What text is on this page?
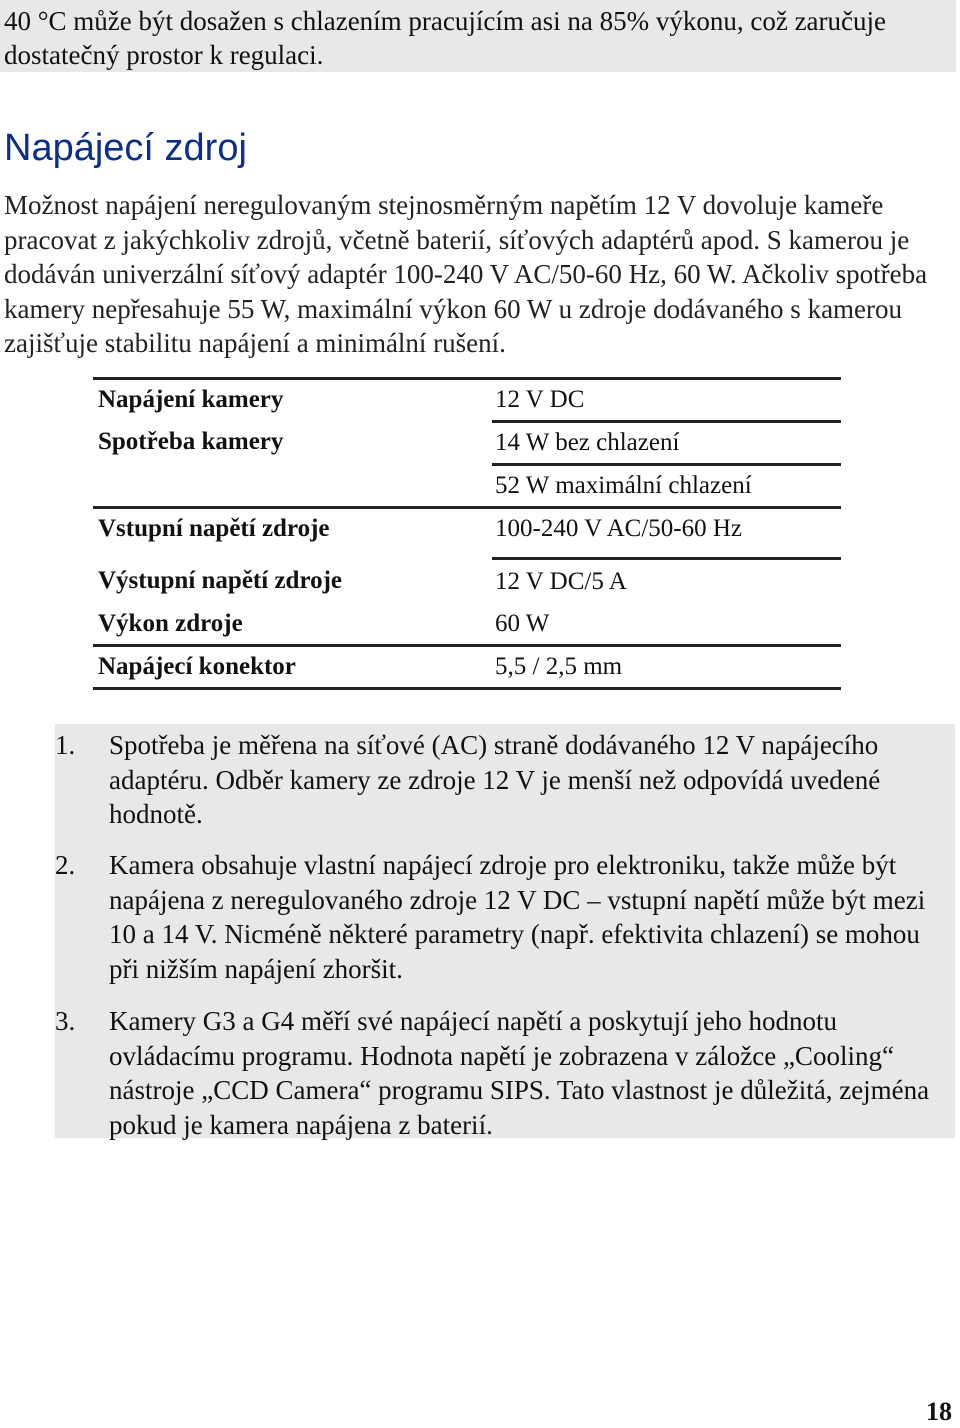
40 °C může být dosažen s chlazením pracujícím asi na 85% výkonu, což zaručuje dostatečný prostor k regulaci.

Napájecí zdroj

Možnost napájení neregulovaným stejnosměrným napětím 12 V dovoluje kameře pracovat z jakýchkoliv zdrojů, včetně baterií, síťových adaptérů apod. S kamerou je dodáván univerzální síťový adaptér 100-240 V AC/50-60 Hz, 60 W. Ačkoliv spotřeba kamery nepřesahuje 55 W, maximální výkon 60 W u zdroje dodávaného s kamerou zajišťuje stabilitu napájení a minimální rušení.

Napájení kamery	12 V DC
Spotřeba kamery	14 W bez chlazení
	52 W maximální chlazení
Vstupní napětí zdroje	100-240 V AC/50-60 Hz
Výstupní napětí zdroje	12 V DC/5 A
Výkon zdroje	60 W
Napájecí konektor	5,5 / 2,5 mm
1. Spotřeba je měřena na síťové (AC) straně dodávaného 12 V napájecího adaptéru. Odběr kamery ze zdroje 12 V je menší než odpovídá uvedené hodnotě.
2. Kamera obsahuje vlastní napájecí zdroje pro elektroniku, takže může být napájena z neregulovaného zdroje 12 V DC – vstupní napětí může být mezi 10 a 14 V. Nicméně některé parametry (např. efektivita chlazení) se mohou při nižším napájení zhoršit.
3. Kamery G3 a G4 měří své napájecí napětí a poskytují jeho hodnotu ovládacímu programu. Hodnota napětí je zobrazena v záložce „Cooling“ nástroje „CCD Camera“ programu SIPS. Tato vlastnost je důležitá, zejména pokud je kamera napájena z baterií.
18
